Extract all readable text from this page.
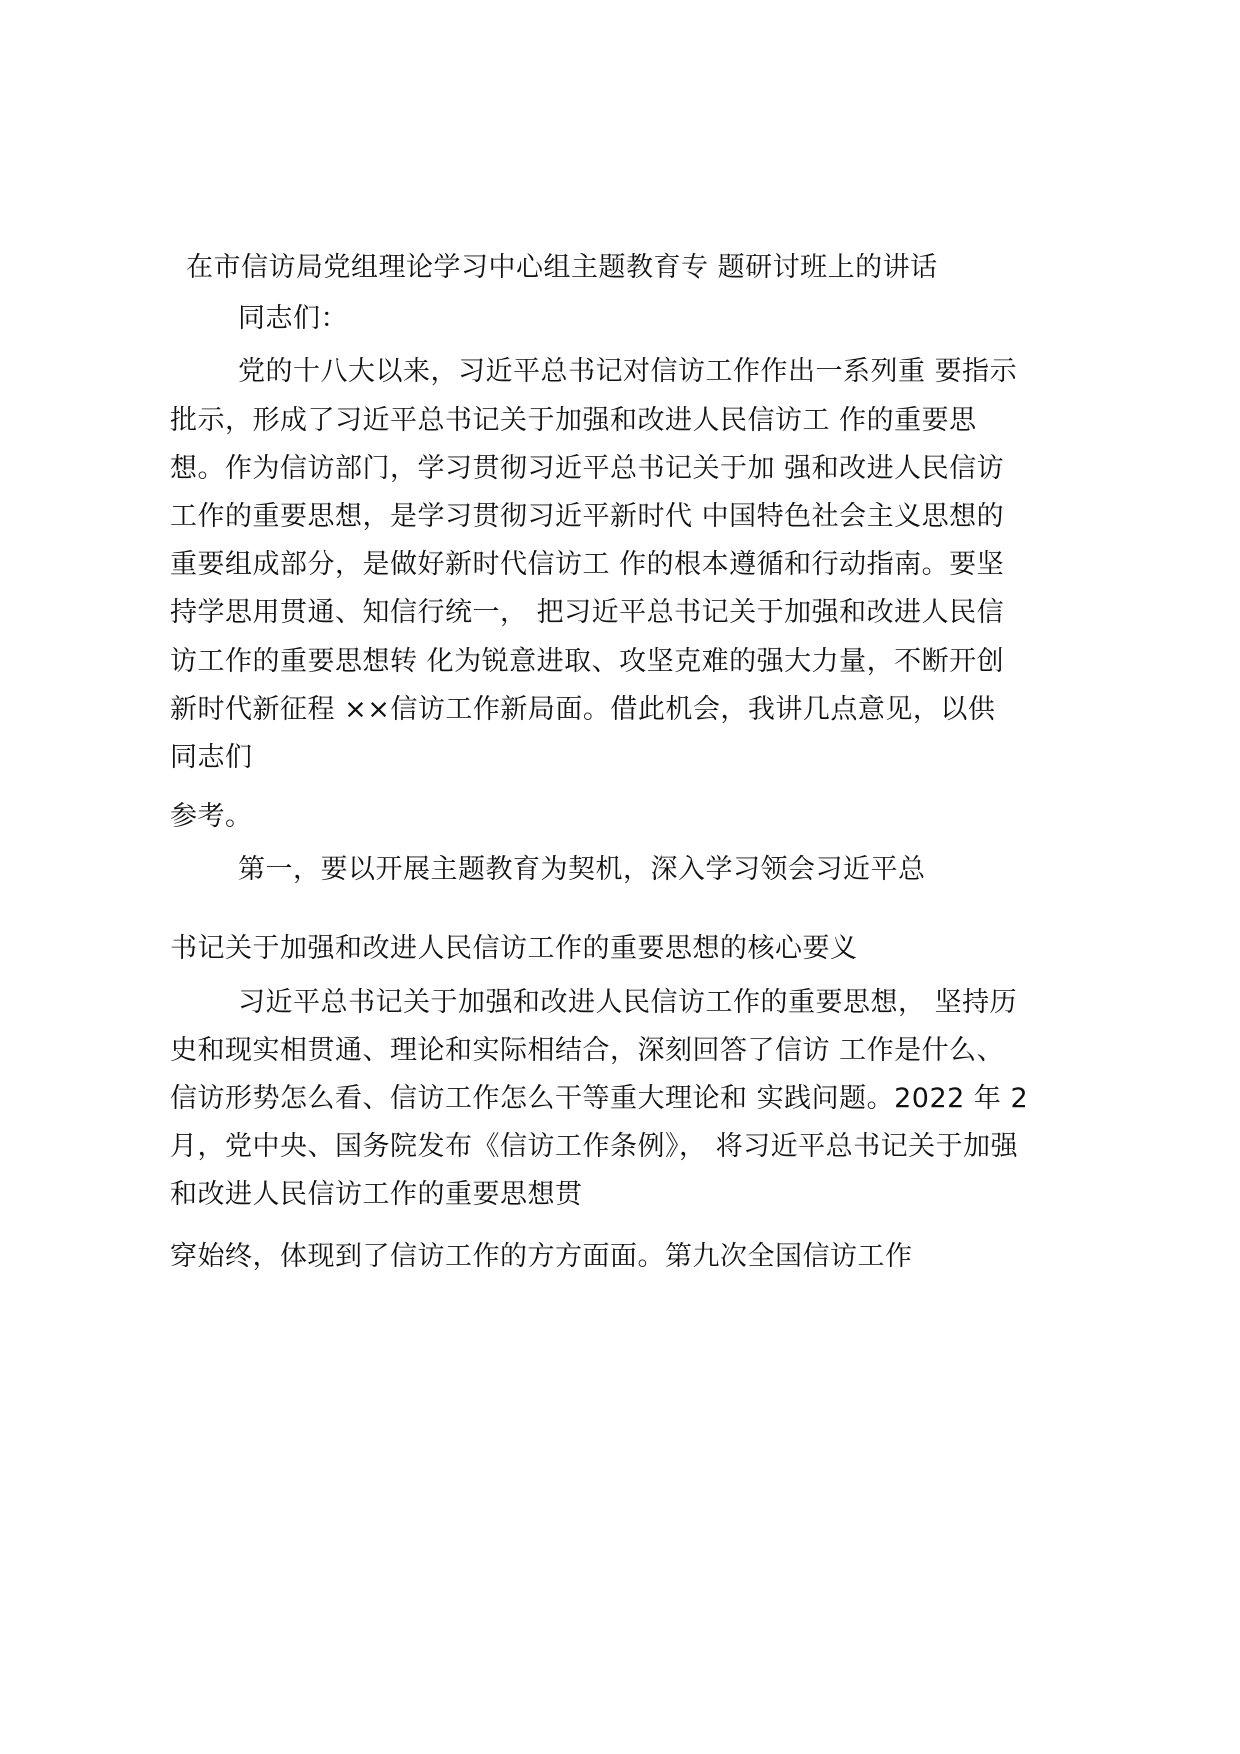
在市信访局党组理论学习中心组主题教育专 题研讨班上的讲话
同志们：
党的十八大以来，习近平总书记对信访工作作出一系列重 要指示
批示，形成了习近平总书记关于加强和改进人民信访工 作的重要思
想。作为信访部门，学习贯彻习近平总书记关于加 强和改进人民信访
工作的重要思想，是学习贯彻习近平新时代 中国特色社会主义思想的
重要组成部分，是做好新时代信访工 作的根本遵循和行动指南。要坚
持学思用贯通、知信行统一， 把习近平总书记关于加强和改进人民信
访工作的重要思想转 化为锐意进取、攻坚克难的强大力量，不断开创
新时代新征程 ××信访工作新局面。借此机会，我讲几点意见，以供
同志们
参考。
第一，要以开展主题教育为契机，深入学习领会习近平总
书记关于加强和改进人民信访工作的重要思想的核心要义
习近平总书记关于加强和改进人民信访工作的重要思想， 坚持历
史和现实相贯通、理论和实际相结合，深刻回答了信访 工作是什么、
信访形势怎么看、信访工作怎么干等重大理论和 实践问题。2022 年 2
月，党中央、国务院发布《信访工作条例》， 将习近平总书记关于加强
和改进人民信访工作的重要思想贯
穿始终，体现到了信访工作的方方面面。第九次全国信访工作
